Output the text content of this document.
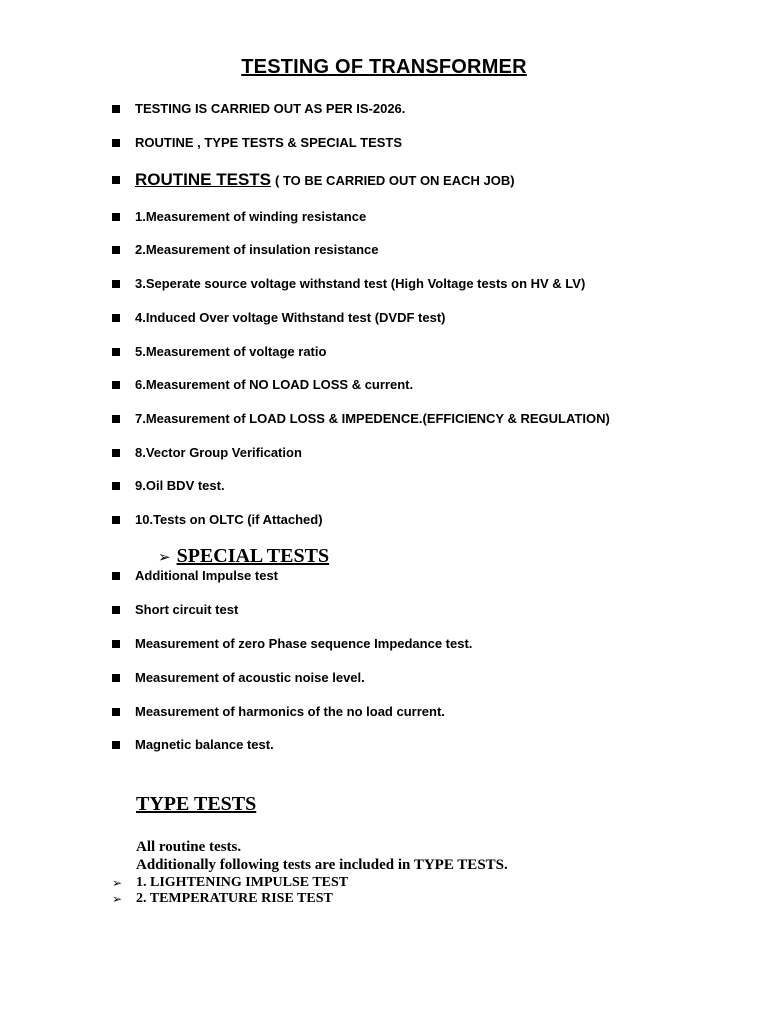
TESTING OF TRANSFORMER
TESTING IS CARRIED OUT AS PER IS-2026.
ROUTINE , TYPE TESTS & SPECIAL TESTS
ROUTINE TESTS ( TO BE CARRIED OUT ON EACH JOB)
1.Measurement of winding resistance
2.Measurement of insulation resistance
3.Seperate source voltage withstand test (High Voltage tests on HV & LV)
4.Induced Over voltage Withstand test (DVDF test)
5.Measurement of voltage ratio
6.Measurement of NO LOAD LOSS & current.
7.Measurement of LOAD LOSS & IMPEDENCE.(EFFICIENCY & REGULATION)
8.Vector Group Verification
9.Oil BDV test.
10.Tests on OLTC (if Attached)
➢ SPECIAL TESTS
Additional Impulse test
Short circuit test
Measurement of zero Phase sequence Impedance test.
Measurement of acoustic noise level.
Measurement of harmonics of the no load current.
Magnetic balance test.
TYPE TESTS
All routine tests.
Additionally following tests are included in TYPE TESTS.
➢ 1. LIGHTENING IMPULSE TEST
➢ 2. TEMPERATURE RISE TEST
